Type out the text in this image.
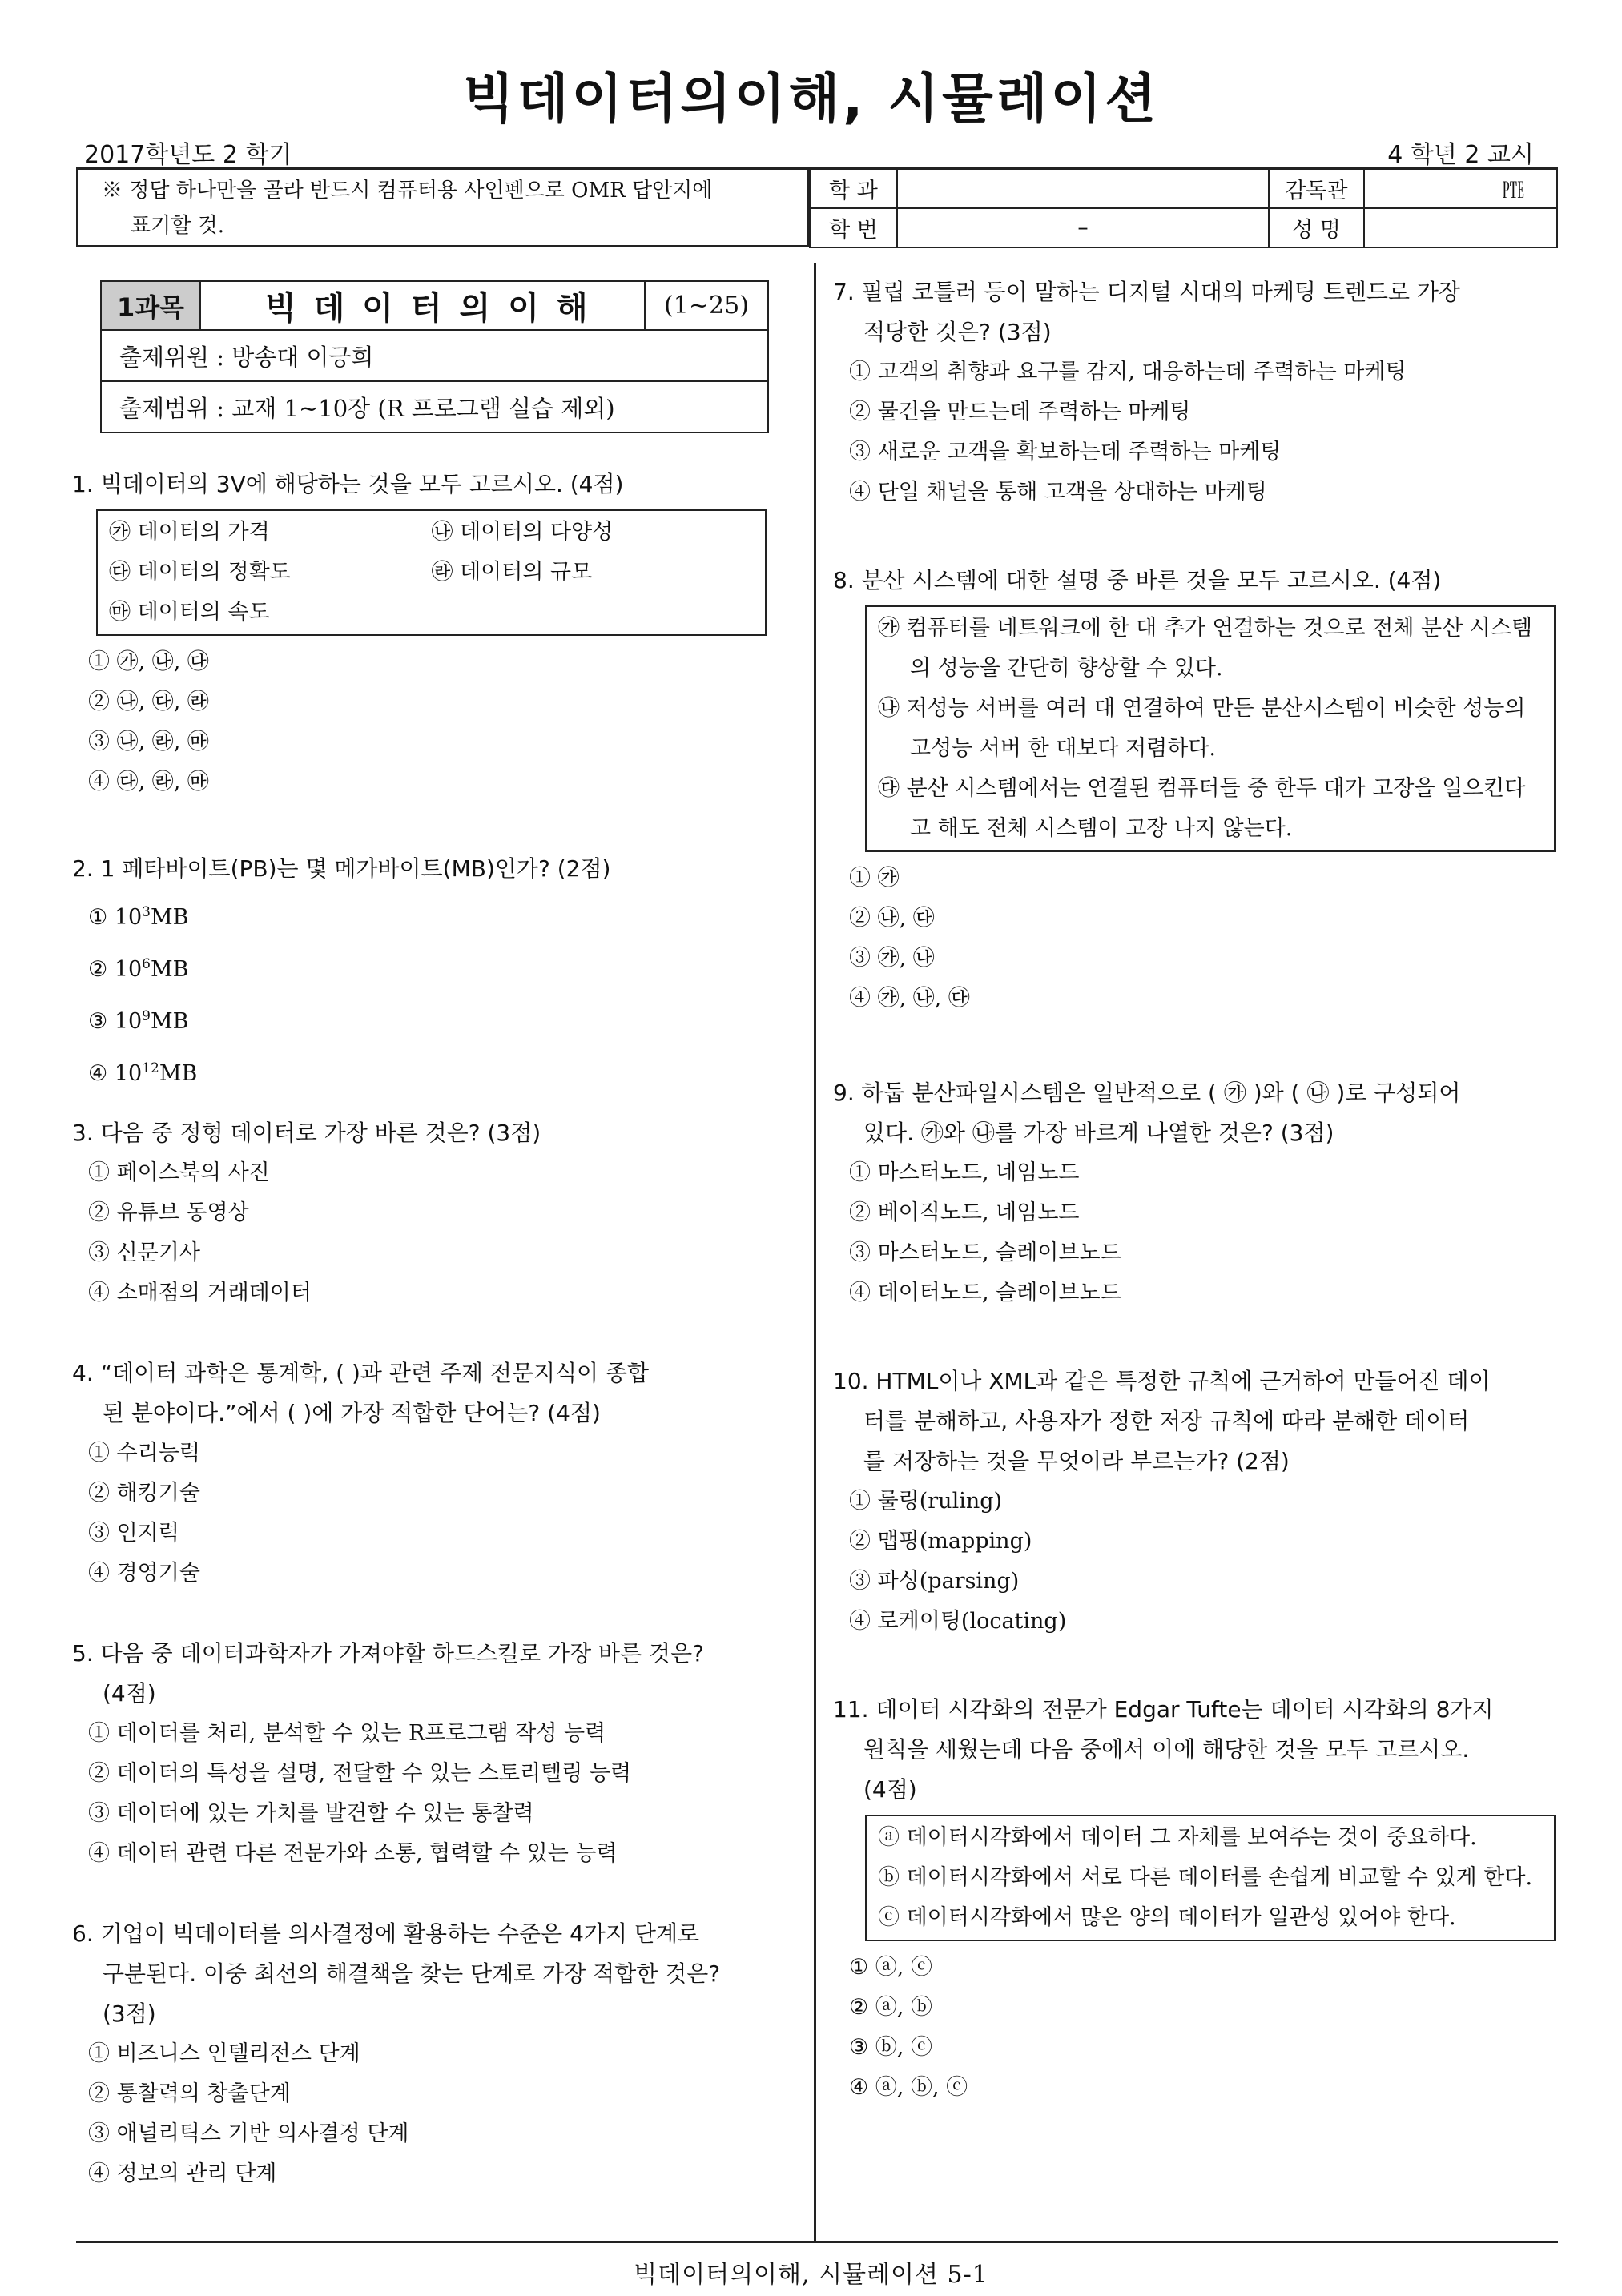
빅데이터의이해, 시뮬레이션
2017학년도 2 학기	4 학년 2 교시
※ 정답 하나만을 골라 반드시 컴퓨터용 사인펜으로 OMR 답안지에
표기할 것.
학 과		감독관	㉐
학 번	–	성 명	
1과목	빅데이터의이해	(1~25)
출제위원 : 방송대 이긍희
출제범위 : 교재 1~10장 (R 프로그램 실습 제외)
1. 빅데이터의 3V에 해당하는 것을 모두 고르시오. (4점)
㉮ 데이터의 가격	㉯ 데이터의 다양성
㉰ 데이터의 정확도	㉱ 데이터의 규모
㉲ 데이터의 속도
① ㉮, ㉯, ㉰
② ㉯, ㉰, ㉱
③ ㉯, ㉱, ㉲
④ ㉰, ㉱, ㉲
2. 1 페타바이트(PB)는 몇 메가바이트(MB)인가? (2점)
① $10^3MB$
② $10^6MB$
③ $10^9MB$
④ $10^{12}MB$
3. 다음 중 정형 데이터로 가장 바른 것은? (3점)
① 페이스북의 사진
② 유튜브 동영상
③ 신문기사
④ 소매점의 거래데이터
4. “데이터 과학은 통계학, ( )과 관련 주제 전문지식이 종합
된 분야이다.”에서 ( )에 가장 적합한 단어는? (4점)
① 수리능력
② 해킹기술
③ 인지력
④ 경영기술
5. 다음 중 데이터과학자가 가져야할 하드스킬로 가장 바른 것은?
(4점)
① 데이터를 처리, 분석할 수 있는 R프로그램 작성 능력
② 데이터의 특성을 설명, 전달할 수 있는 스토리텔링 능력
③ 데이터에 있는 가치를 발견할 수 있는 통찰력
④ 데이터 관련 다른 전문가와 소통, 협력할 수 있는 능력
6. 기업이 빅데이터를 의사결정에 활용하는 수준은 4가지 단계로
구분된다. 이중 최선의 해결책을 찾는 단계로 가장 적합한 것은?
(3점)
① 비즈니스 인텔리전스 단계
② 통찰력의 창출단계
③ 애널리틱스 기반 의사결정 단계
④ 정보의 관리 단계
7. 필립 코틀러 등이 말하는 디지털 시대의 마케팅 트렌드로 가장
적당한 것은? (3점)
① 고객의 취향과 요구를 감지, 대응하는데 주력하는 마케팅
② 물건을 만드는데 주력하는 마케팅
③ 새로운 고객을 확보하는데 주력하는 마케팅
④ 단일 채널을 통해 고객을 상대하는 마케팅
8. 분산 시스템에 대한 설명 중 바른 것을 모두 고르시오. (4점)
㉮ 컴퓨터를 네트워크에 한 대 추가 연결하는 것으로 전체 분산 시스템의 성능을 간단히 향상할 수 있다.
㉯ 저성능 서버를 여러 대 연결하여 만든 분산시스템이 비슷한 성능의 고성능 서버 한 대보다 저렴하다.
㉰ 분산 시스템에서는 연결된 컴퓨터들 중 한두 대가 고장을 일으킨다고 해도 전체 시스템이 고장 나지 않는다.
① ㉮
② ㉯, ㉰
③ ㉮, ㉯
④ ㉮, ㉯, ㉰
9. 하둡 분산파일시스템은 일반적으로 ( ㉮ )와 ( ㉯ )로 구성되어
있다. ㉮와 ㉯를 가장 바르게 나열한 것은? (3점)
① 마스터노드, 네임노드
② 베이직노드, 네임노드
③ 마스터노드, 슬레이브노드
④ 데이터노드, 슬레이브노드
10. HTML이나 XML과 같은 특정한 규칙에 근거하여 만들어진 데이
터를 분해하고, 사용자가 정한 저장 규칙에 따라 분해한 데이터
를 저장하는 것을 무엇이라 부르는가? (2점)
① 룰링(ruling)
② 맵핑(mapping)
③ 파싱(parsing)
④ 로케이팅(locating)
11. 데이터 시각화의 전문가 Edgar Tufte는 데이터 시각화의 8가지
원칙을 세웠는데 다음 중에서 이에 해당한 것을 모두 고르시오.
(4점)
ⓐ 데이터시각화에서 데이터 그 자체를 보여주는 것이 중요하다.
ⓑ 데이터시각화에서 서로 다른 데이터를 손쉽게 비교할 수 있게 한다.
ⓒ 데이터시각화에서 많은 양의 데이터가 일관성 있어야 한다.
① ⓐ, ⓒ
② ⓐ, ⓑ
③ ⓑ, ⓒ
④ ⓐ, ⓑ, ⓒ
빅데이터의이해, 시뮬레이션 5-1
